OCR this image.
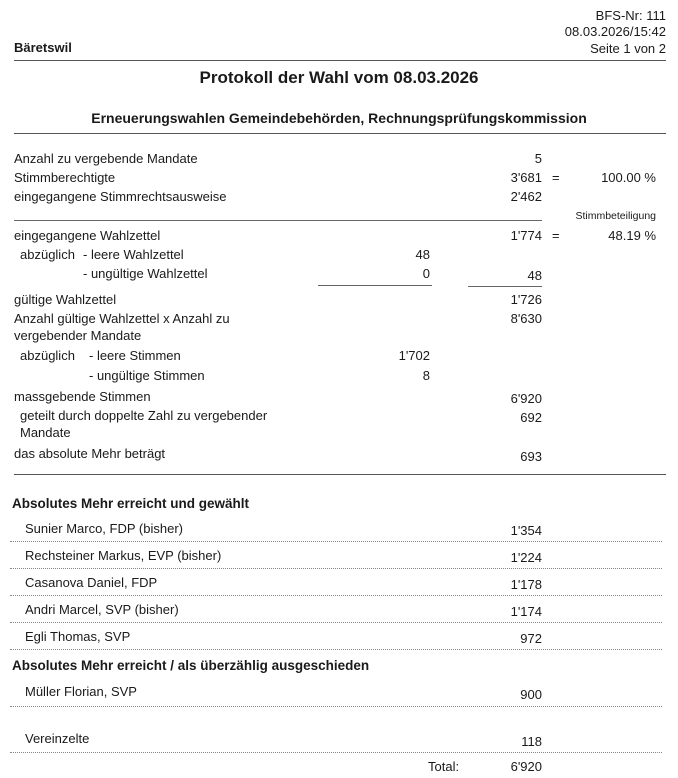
BFS-Nr: 111
08.03.2026/15:42
Bäretswil	Seite 1 von 2
Protokoll der Wahl vom 08.03.2026
Erneuerungswahlen Gemeindebehörden, Rechnungsprüfungskommission
Anzahl zu vergebende Mandate	5
Stimmberechtigte	3'681 =	100.00 %
eingegangene Stimmrechtsausweise	2'462
Stimmbeteiligung
eingegangene Wahlzettel	1'774 =	48.19 %
abzüglich - leere Wahlzettel	48
- ungültige Wahlzettel	0	48
gültige Wahlzettel	1'726
Anzahl gültige Wahlzettel x Anzahl zu
vergebender Mandate
8'630
abzüglich - leere Stimmen	1'702
- ungültige Stimmen	8
massgebende Stimmen	6'920
geteilt durch doppelte Zahl zu vergebender
Mandate
692
das absolute Mehr beträgt	693
Absolutes Mehr erreicht und gewählt
Sunier Marco, FDP (bisher)	1'354
Rechsteiner Markus, EVP (bisher)	1'224
Casanova Daniel, FDP	1'178
Andri Marcel, SVP (bisher)	1'174
Egli Thomas, SVP	972
Absolutes Mehr erreicht / als überzählig ausgeschieden
Müller Florian, SVP	900
Vereinzelte	118
Total:	6'920
